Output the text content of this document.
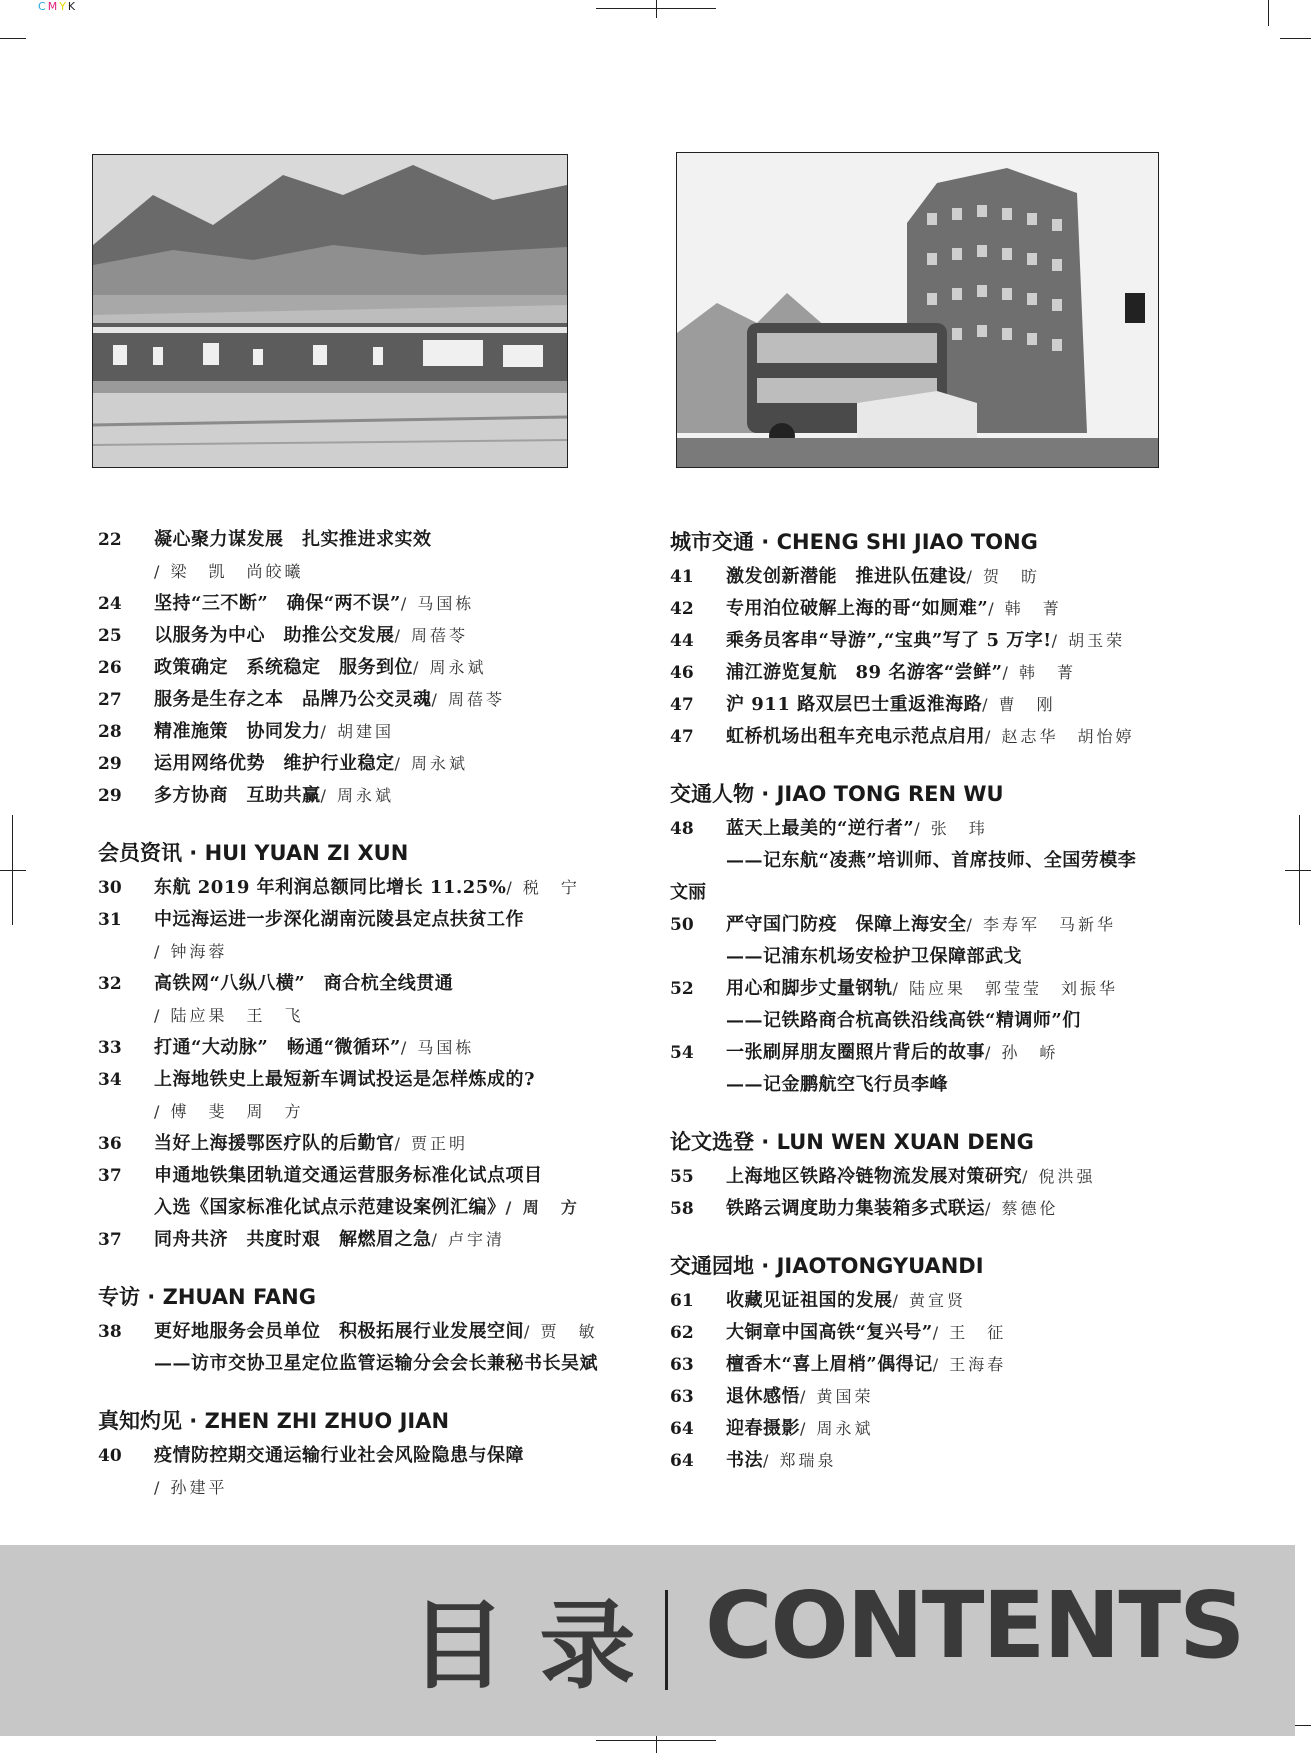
CMYK
22	凝心聚力谋发展　扎实推进求实效
/ 梁　凯　尚皎曦
24	坚持“三不断”　确保“两不误”/ 马国栋
25	以服务为中心　助推公交发展/ 周蓓苓
26	政策确定　系统稳定　服务到位/ 周永斌
27	服务是生存之本　品牌乃公交灵魂/ 周蓓苓
28	精准施策　协同发力/ 胡建国
29	运用网络优势　维护行业稳定/ 周永斌
29	多方协商　互助共赢/ 周永斌
会员资讯 · HUI YUAN ZI XUN
30	东航 2019 年利润总额同比增长 11.25%/ 税　宁
31	中远海运进一步深化湖南沅陵县定点扶贫工作
/ 钟海蓉
32	高铁网“八纵八横”　商合杭全线贯通
/ 陆应果　王　飞
33	打通“大动脉”　畅通“微循环”/ 马国栋
34	上海地铁史上最短新车调试投运是怎样炼成的?
/ 傅　斐　周　方
36	当好上海援鄂医疗队的后勤官/ 贾正明
37	申通地铁集团轨道交通运营服务标准化试点项目
入选《国家标准化试点示范建设案例汇编》/ 周　方
37	同舟共济　共度时艰　解燃眉之急/ 卢宇清
专访 · ZHUAN FANG
38	更好地服务会员单位　积极拓展行业发展空间/ 贾　敏
——访市交协卫星定位监管运输分会会长兼秘书长吴斌
真知灼见 · ZHEN ZHI ZHUO JIAN
40	疫情防控期交通运输行业社会风险隐患与保障
/ 孙建平
城市交通 · CHENG SHI JIAO TONG
41	激发创新潜能　推进队伍建设/ 贺　昉
42	专用泊位破解上海的哥“如厕难”/ 韩　菁
44	乘务员客串“导游”,“宝典”写了 5 万字!/ 胡玉荣
46	浦江游览复航　89 名游客“尝鲜”/ 韩　菁
47	沪 911 路双层巴士重返淮海路/ 曹　刚
47	虹桥机场出租车充电示范点启用/ 赵志华　胡怡婷
交通人物 · JIAO TONG REN WU
48	蓝天上最美的“逆行者”/ 张　玮
——记东航“凌燕”培训师、首席技师、全国劳模李
文丽
50	严守国门防疫　保障上海安全/ 李寿军　马新华
——记浦东机场安检护卫保障部武戈
52	用心和脚步丈量钢轨/ 陆应果　郭莹莹　刘振华
——记铁路商合杭高铁沿线高铁“精调师”们
54	一张刷屏朋友圈照片背后的故事/ 孙　峤
——记金鹏航空飞行员李峰
论文选登 · LUN WEN XUAN DENG
55	上海地区铁路冷链物流发展对策研究/ 倪洪强
58	铁路云调度助力集装箱多式联运/ 蔡德伦
交通园地 · JIAOTONGYUANDI
61	收藏见证祖国的发展/ 黄宣贤
62	大铜章中国高铁“复兴号”/ 王　征
63	檀香木“喜上眉梢”偶得记/ 王海春
63	退休感悟/ 黄国荣
64	迎春摄影/ 周永斌
64	书法/ 郑瑞泉
目 录 CONTENTS
